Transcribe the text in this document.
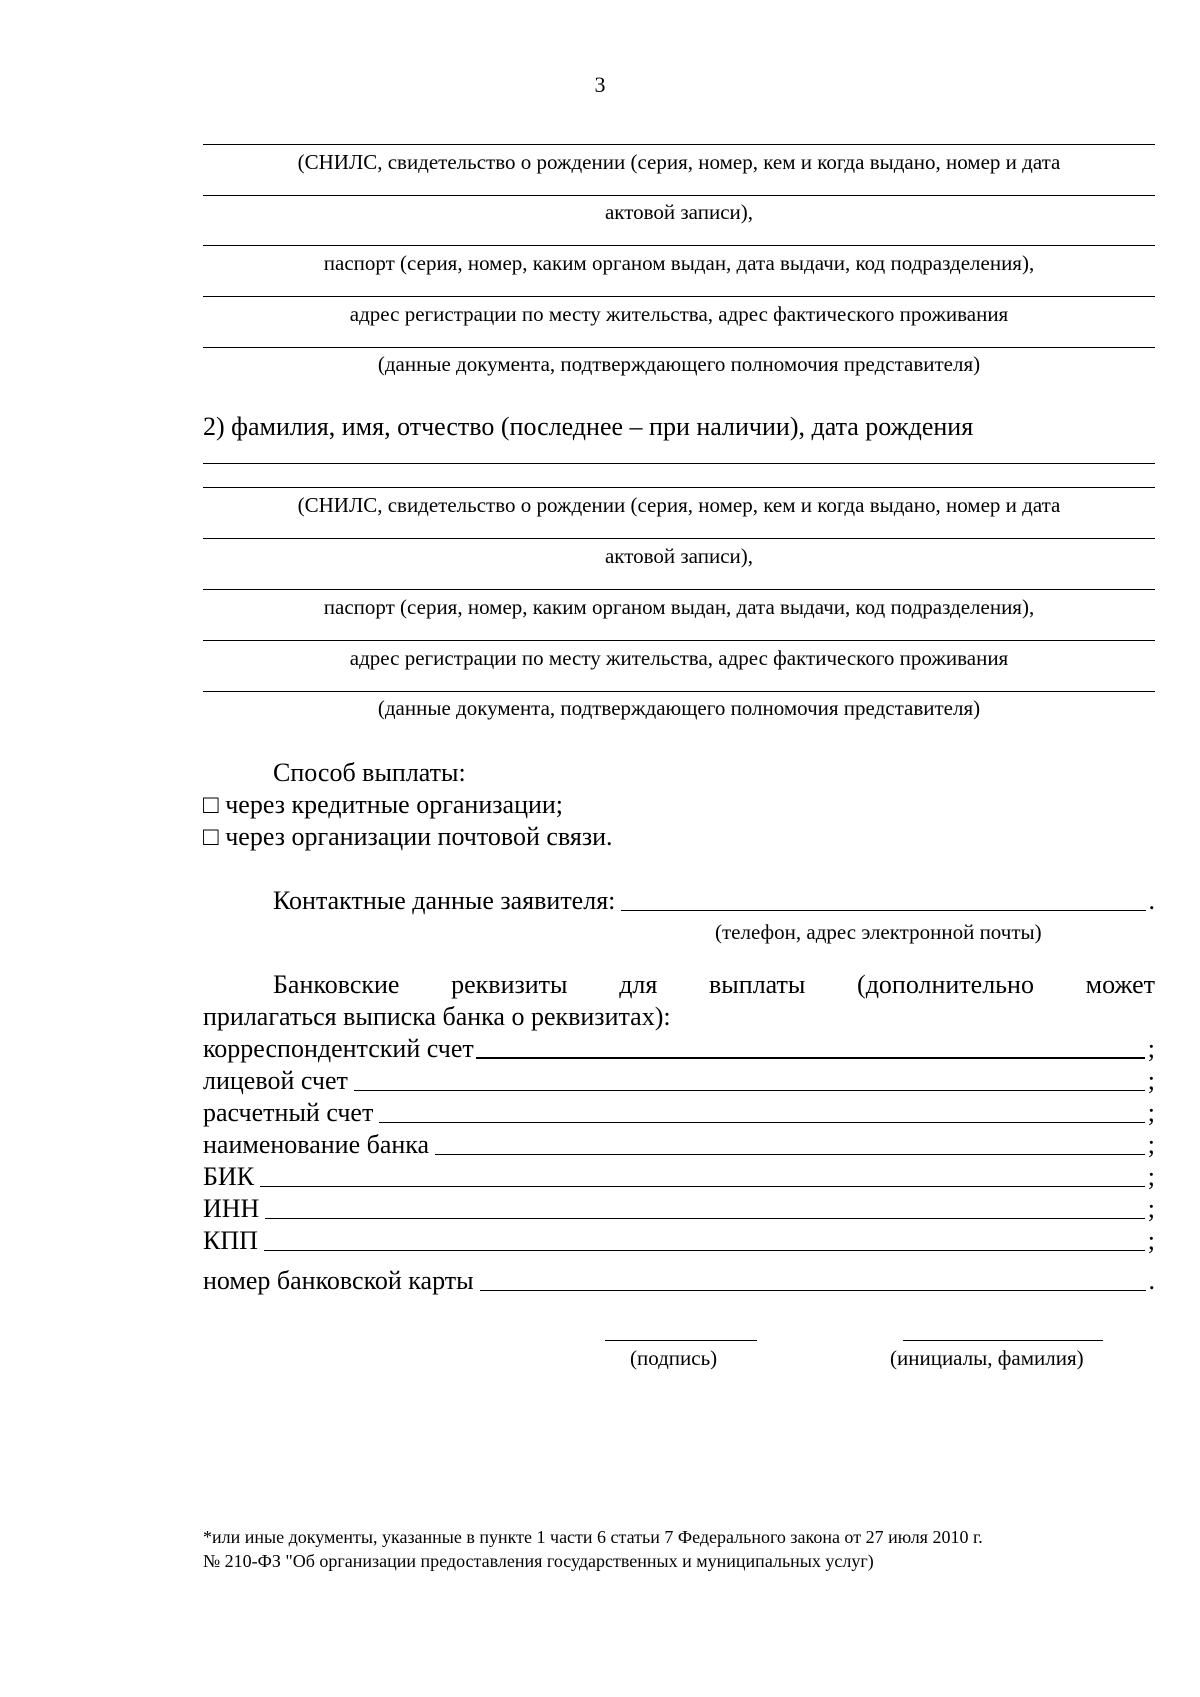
3
(СНИЛС, свидетельство о рождении (серия, номер, кем и когда выдано, номер и дата
актовой записи),
паспорт (серия, номер, каким органом выдан, дата выдачи, код подразделения),
адрес регистрации по месту жительства, адрес фактического проживания
(данные документа, подтверждающего полномочия представителя)
2) фамилия, имя, отчество (последнее – при наличии), дата рождения
(СНИЛС, свидетельство о рождении (серия, номер, кем и когда выдано, номер и дата
актовой записи),
паспорт (серия, номер, каким органом выдан, дата выдачи, код подразделения),
адрес регистрации по месту жительства, адрес фактического проживания
(данные документа, подтверждающего полномочия представителя)
Способ выплаты:
□ через кредитные организации;
□ через организации почтовой связи.
Контактные данные заявителя:	.
(телефон, адрес электронной почты)
Банковские реквизиты для выплаты (дополнительно может
прилагаться выписка банка о реквизитах):
корреспондентский счет	;
лицевой счет	;
расчетный счет	;
наименование банка	;
БИК	;
ИНН	;
КПП	;
номер банковской карты	.
(подпись)	(инициалы, фамилия)
*или иные документы, указанные в пункте 1 части 6 статьи 7 Федерального закона от 27 июля 2010 г.
№ 210-ФЗ "Об организации предоставления государственных и муниципальных услуг)
